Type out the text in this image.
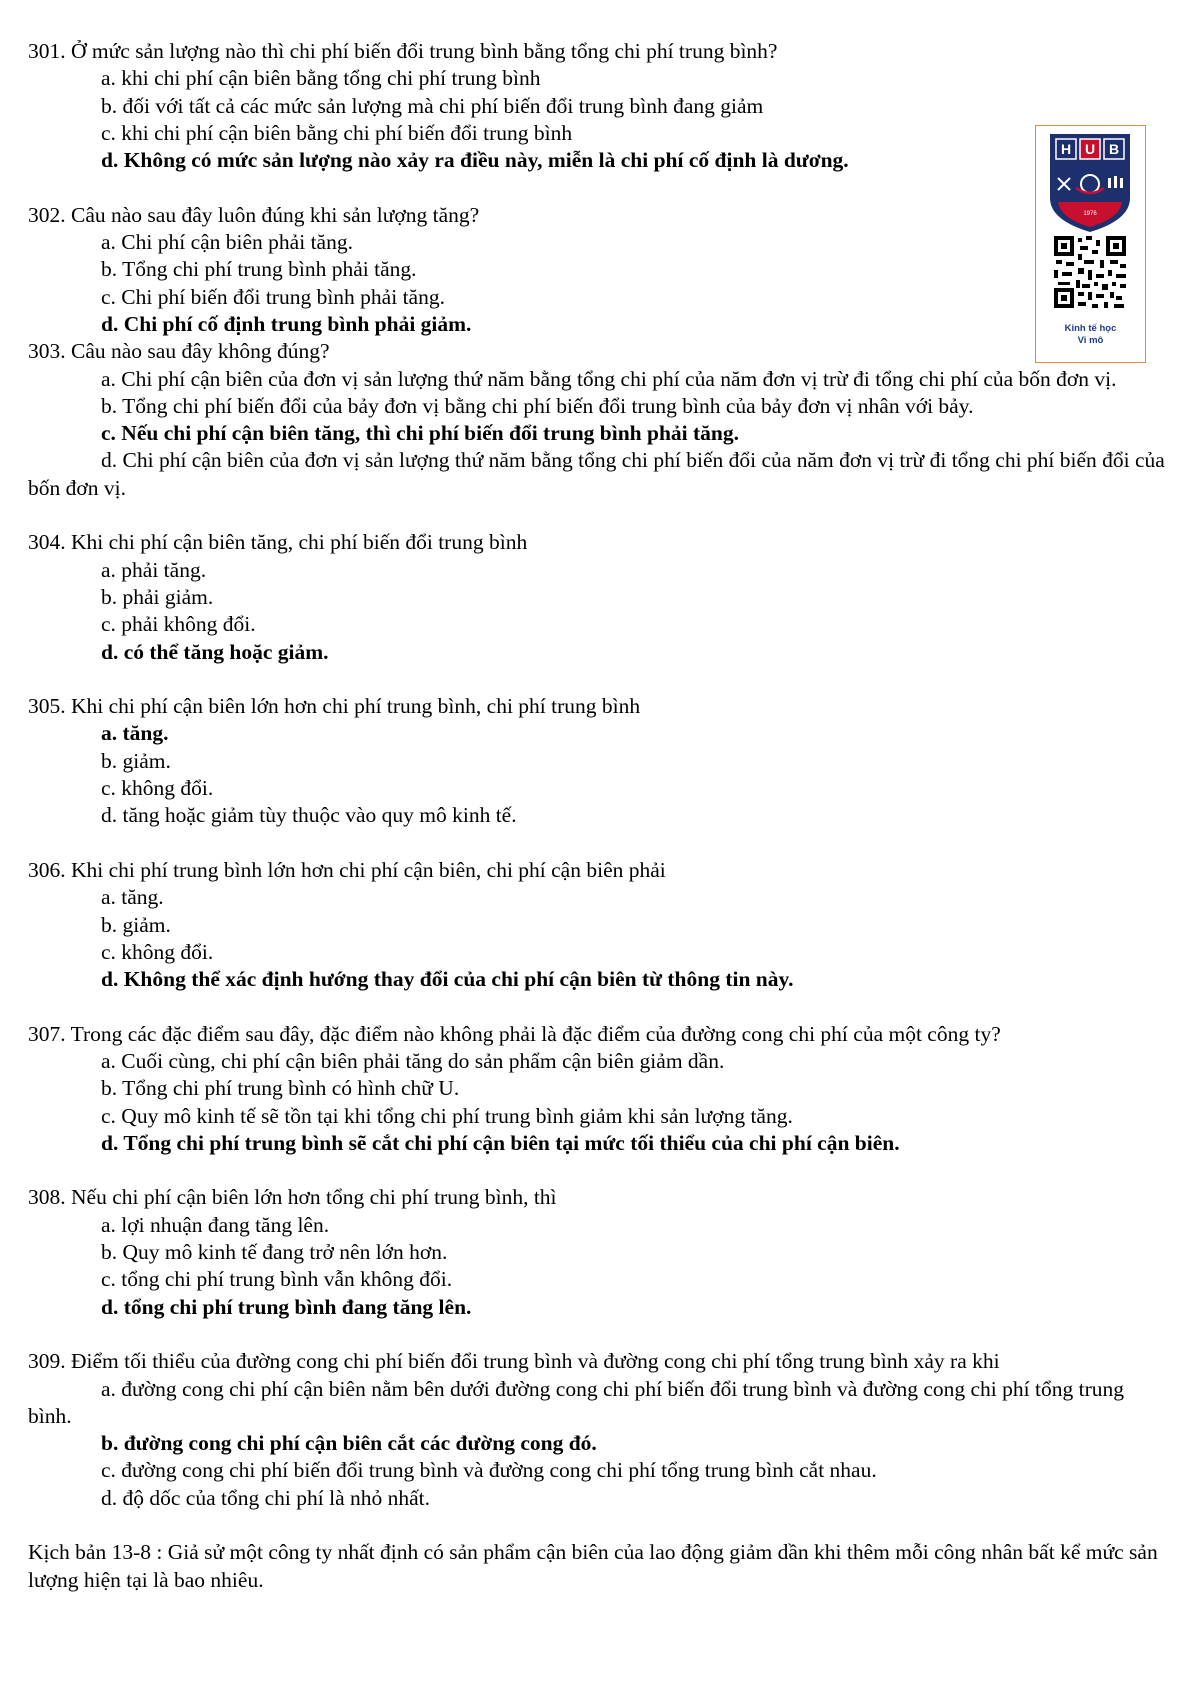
301. Ở mức sản lượng nào thì chi phí biến đổi trung bình bằng tổng chi phí trung bình?

a. khi chi phí cận biên bằng tổng chi phí trung bình

b. đối với tất cả các mức sản lượng mà chi phí biến đổi trung bình đang giảm

c. khi chi phí cận biên bằng chi phí biến đổi trung bình

d. Không có mức sản lượng nào xảy ra điều này, miễn là chi phí cố định là dương.

302. Câu nào sau đây luôn đúng khi sản lượng tăng?

a. Chi phí cận biên phải tăng.

b. Tổng chi phí trung bình phải tăng.

c. Chi phí biến đổi trung bình phải tăng.

d. Chi phí cố định trung bình phải giảm.

303. Câu nào sau đây không đúng?

a. Chi phí cận biên của đơn vị sản lượng thứ năm bằng tổng chi phí của năm đơn vị trừ đi tổng chi phí của bốn đơn vị.

b. Tổng chi phí biến đổi của bảy đơn vị bằng chi phí biến đổi trung bình của bảy đơn vị nhân với bảy.

c. Nếu chi phí cận biên tăng, thì chi phí biến đổi trung bình phải tăng.

d. Chi phí cận biên của đơn vị sản lượng thứ năm bằng tổng chi phí biến đổi của năm đơn vị trừ đi tổng chi phí biến đổi của bốn đơn vị.

304. Khi chi phí cận biên tăng, chi phí biến đổi trung bình

a. phải tăng.

b. phải giảm.

c. phải không đổi.

d. có thể tăng hoặc giảm.

305. Khi chi phí cận biên lớn hơn chi phí trung bình, chi phí trung bình

a. tăng.

b. giảm.

c. không đổi.

d. tăng hoặc giảm tùy thuộc vào quy mô kinh tế.

306. Khi chi phí trung bình lớn hơn chi phí cận biên, chi phí cận biên phải

a. tăng.

b. giảm.

c. không đổi.

d. Không thể xác định hướng thay đổi của chi phí cận biên từ thông tin này.

307. Trong các đặc điểm sau đây, đặc điểm nào không phải là đặc điểm của đường cong chi phí của một công ty?

a. Cuối cùng, chi phí cận biên phải tăng do sản phẩm cận biên giảm dần.

b. Tổng chi phí trung bình có hình chữ U.

c. Quy mô kinh tế sẽ tồn tại khi tổng chi phí trung bình giảm khi sản lượng tăng.

d. Tổng chi phí trung bình sẽ cắt chi phí cận biên tại mức tối thiểu của chi phí cận biên.

308. Nếu chi phí cận biên lớn hơn tổng chi phí trung bình, thì

a. lợi nhuận đang tăng lên.

b. Quy mô kinh tế đang trở nên lớn hơn.

c. tổng chi phí trung bình vẫn không đổi.

d. tổng chi phí trung bình đang tăng lên.

309. Điểm tối thiểu của đường cong chi phí biến đổi trung bình và đường cong chi phí tổng trung bình xảy ra khi

a. đường cong chi phí cận biên nằm bên dưới đường cong chi phí biến đổi trung bình và đường cong chi phí tổng trung bình.

b. đường cong chi phí cận biên cắt các đường cong đó.

c. đường cong chi phí biến đổi trung bình và đường cong chi phí tổng trung bình cắt nhau.

d. độ dốc của tổng chi phí là nhỏ nhất.

Kịch bản 13-8 : Giả sử một công ty nhất định có sản phẩm cận biên của lao động giảm dần khi thêm mỗi công nhân bất kể mức sản lượng hiện tại là bao nhiêu.

H U B
1976
Kinh tế học
Vi mô
